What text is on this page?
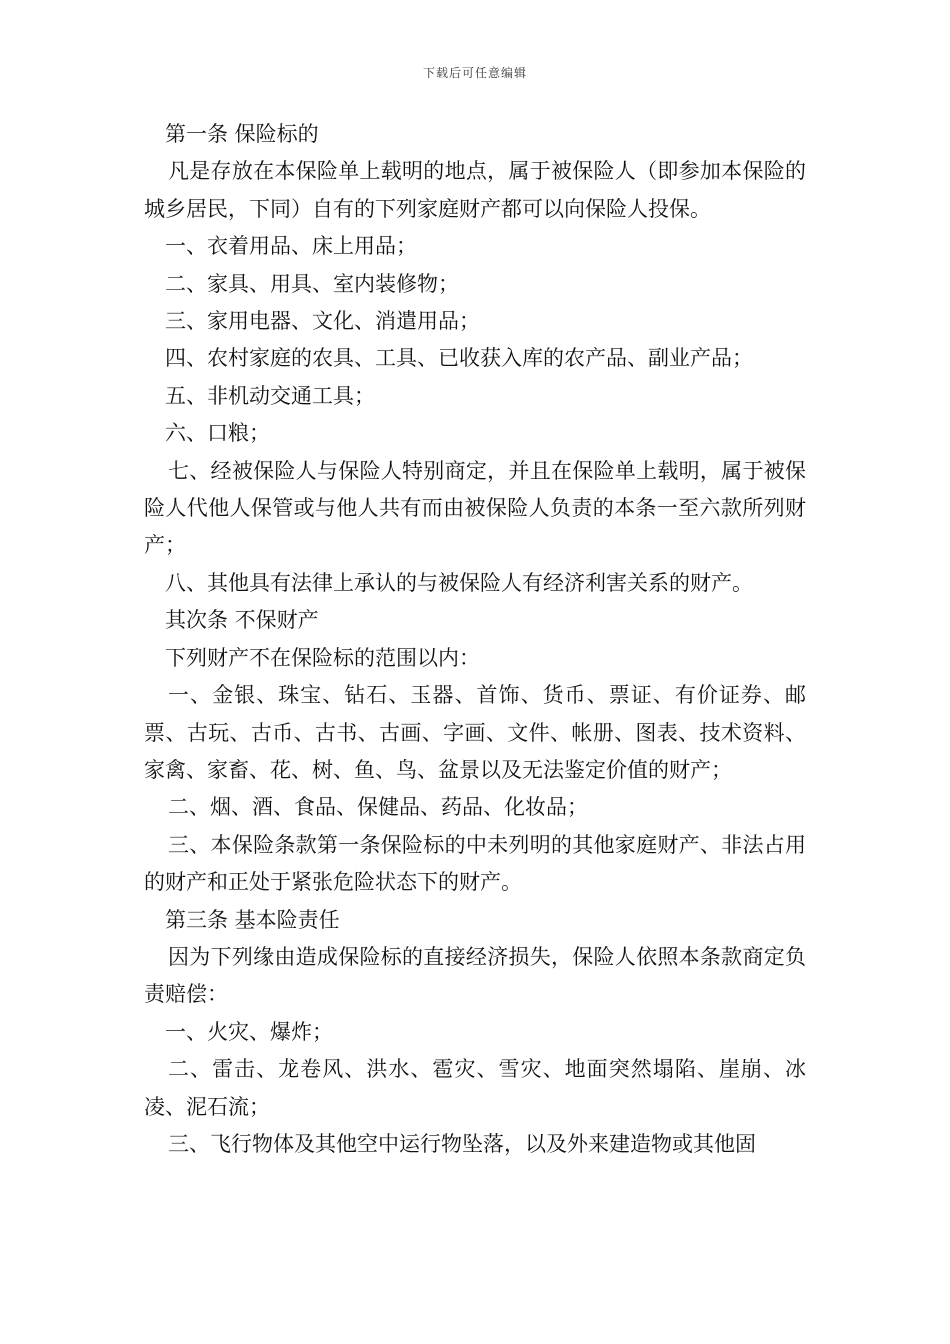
下载后可任意编辑

第一条 保险标的

凡是存放在本保险单上载明的地点，属于被保险人（即参加本保险的城乡居民，下同）自有的下列家庭财产都可以向保险人投保。

一、衣着用品、床上用品；

二、家具、用具、室内装修物；

三、家用电器、文化、消遣用品；

四、农村家庭的农具、工具、已收获入库的农产品、副业产品；

五、非机动交通工具；

六、口粮；

七、经被保险人与保险人特别商定，并且在保险单上载明，属于被保险人代他人保管或与他人共有而由被保险人负责的本条一至六款所列财产；

八、其他具有法律上承认的与被保险人有经济利害关系的财产。

其次条 不保财产

下列财产不在保险标的范围以内：

一、金银、珠宝、钻石、玉器、首饰、货币、票证、有价证券、邮票、古玩、古币、古书、古画、字画、文件、帐册、图表、技术资料、家禽、家畜、花、树、鱼、鸟、盆景以及无法鉴定价值的财产；

二、烟、酒、食品、保健品、药品、化妆品；

三、本保险条款第一条保险标的中未列明的其他家庭财产、非法占用的财产和正处于紧张危险状态下的财产。

第三条 基本险责任

因为下列缘由造成保险标的直接经济损失，保险人依照本条款商定负责赔偿：

一、火灾、爆炸；

二、雷击、龙卷风、洪水、雹灾、雪灾、地面突然塌陷、崖崩、冰凌、泥石流；

三、飞行物体及其他空中运行物坠落，以及外来建造物或其他固
